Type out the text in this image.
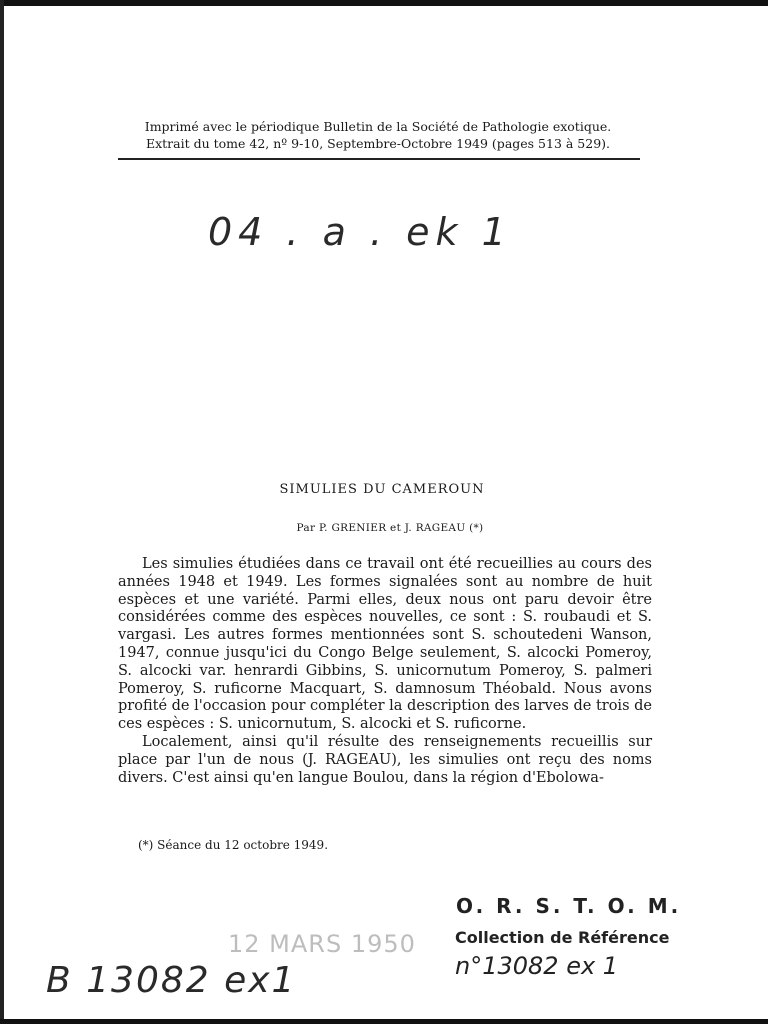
Imprimé avec le périodique Bulletin de la Société de Pathologie exotique.
Extrait du tome 42, nº 9-10, Septembre-Octobre 1949 (pages 513 à 529).
04 . a . ek 1
SIMULIES DU CAMEROUN
Par P. GRENIER et J. RAGEAU (*)

Les simulies étudiées dans ce travail ont été recueillies au cours des années 1948 et 1949. Les formes signalées sont au nombre de huit espèces et une variété. Parmi elles, deux nous ont paru devoir être considérées comme des espèces nouvelles, ce sont : S. roubaudi et S. vargasi. Les autres formes mentionnées sont S. schoutedeni Wanson, 1947, connue jusqu'ici du Congo Belge seulement, S. alcocki Pomeroy, S. alcocki var. henrardi Gibbins, S. unicornutum Pomeroy, S. palmeri Pomeroy, S. ruficorne Macquart, S. damnosum Théobald. Nous avons profité de l'occasion pour compléter la description des larves de trois de ces espèces : S. unicornutum, S. alcocki et S. ruficorne.

Localement, ainsi qu'il résulte des renseignements recueillis sur place par l'un de nous (J. RAGEAU), les simulies ont reçu des noms divers. C'est ainsi qu'en langue Boulou, dans la région d'Ebolowa-

(*) Séance du 12 octobre 1949.
12 MARS 1950
O. R. S. T. O. M.
Collection de Référence
n°13082 ex 1
B 13082 ex1
